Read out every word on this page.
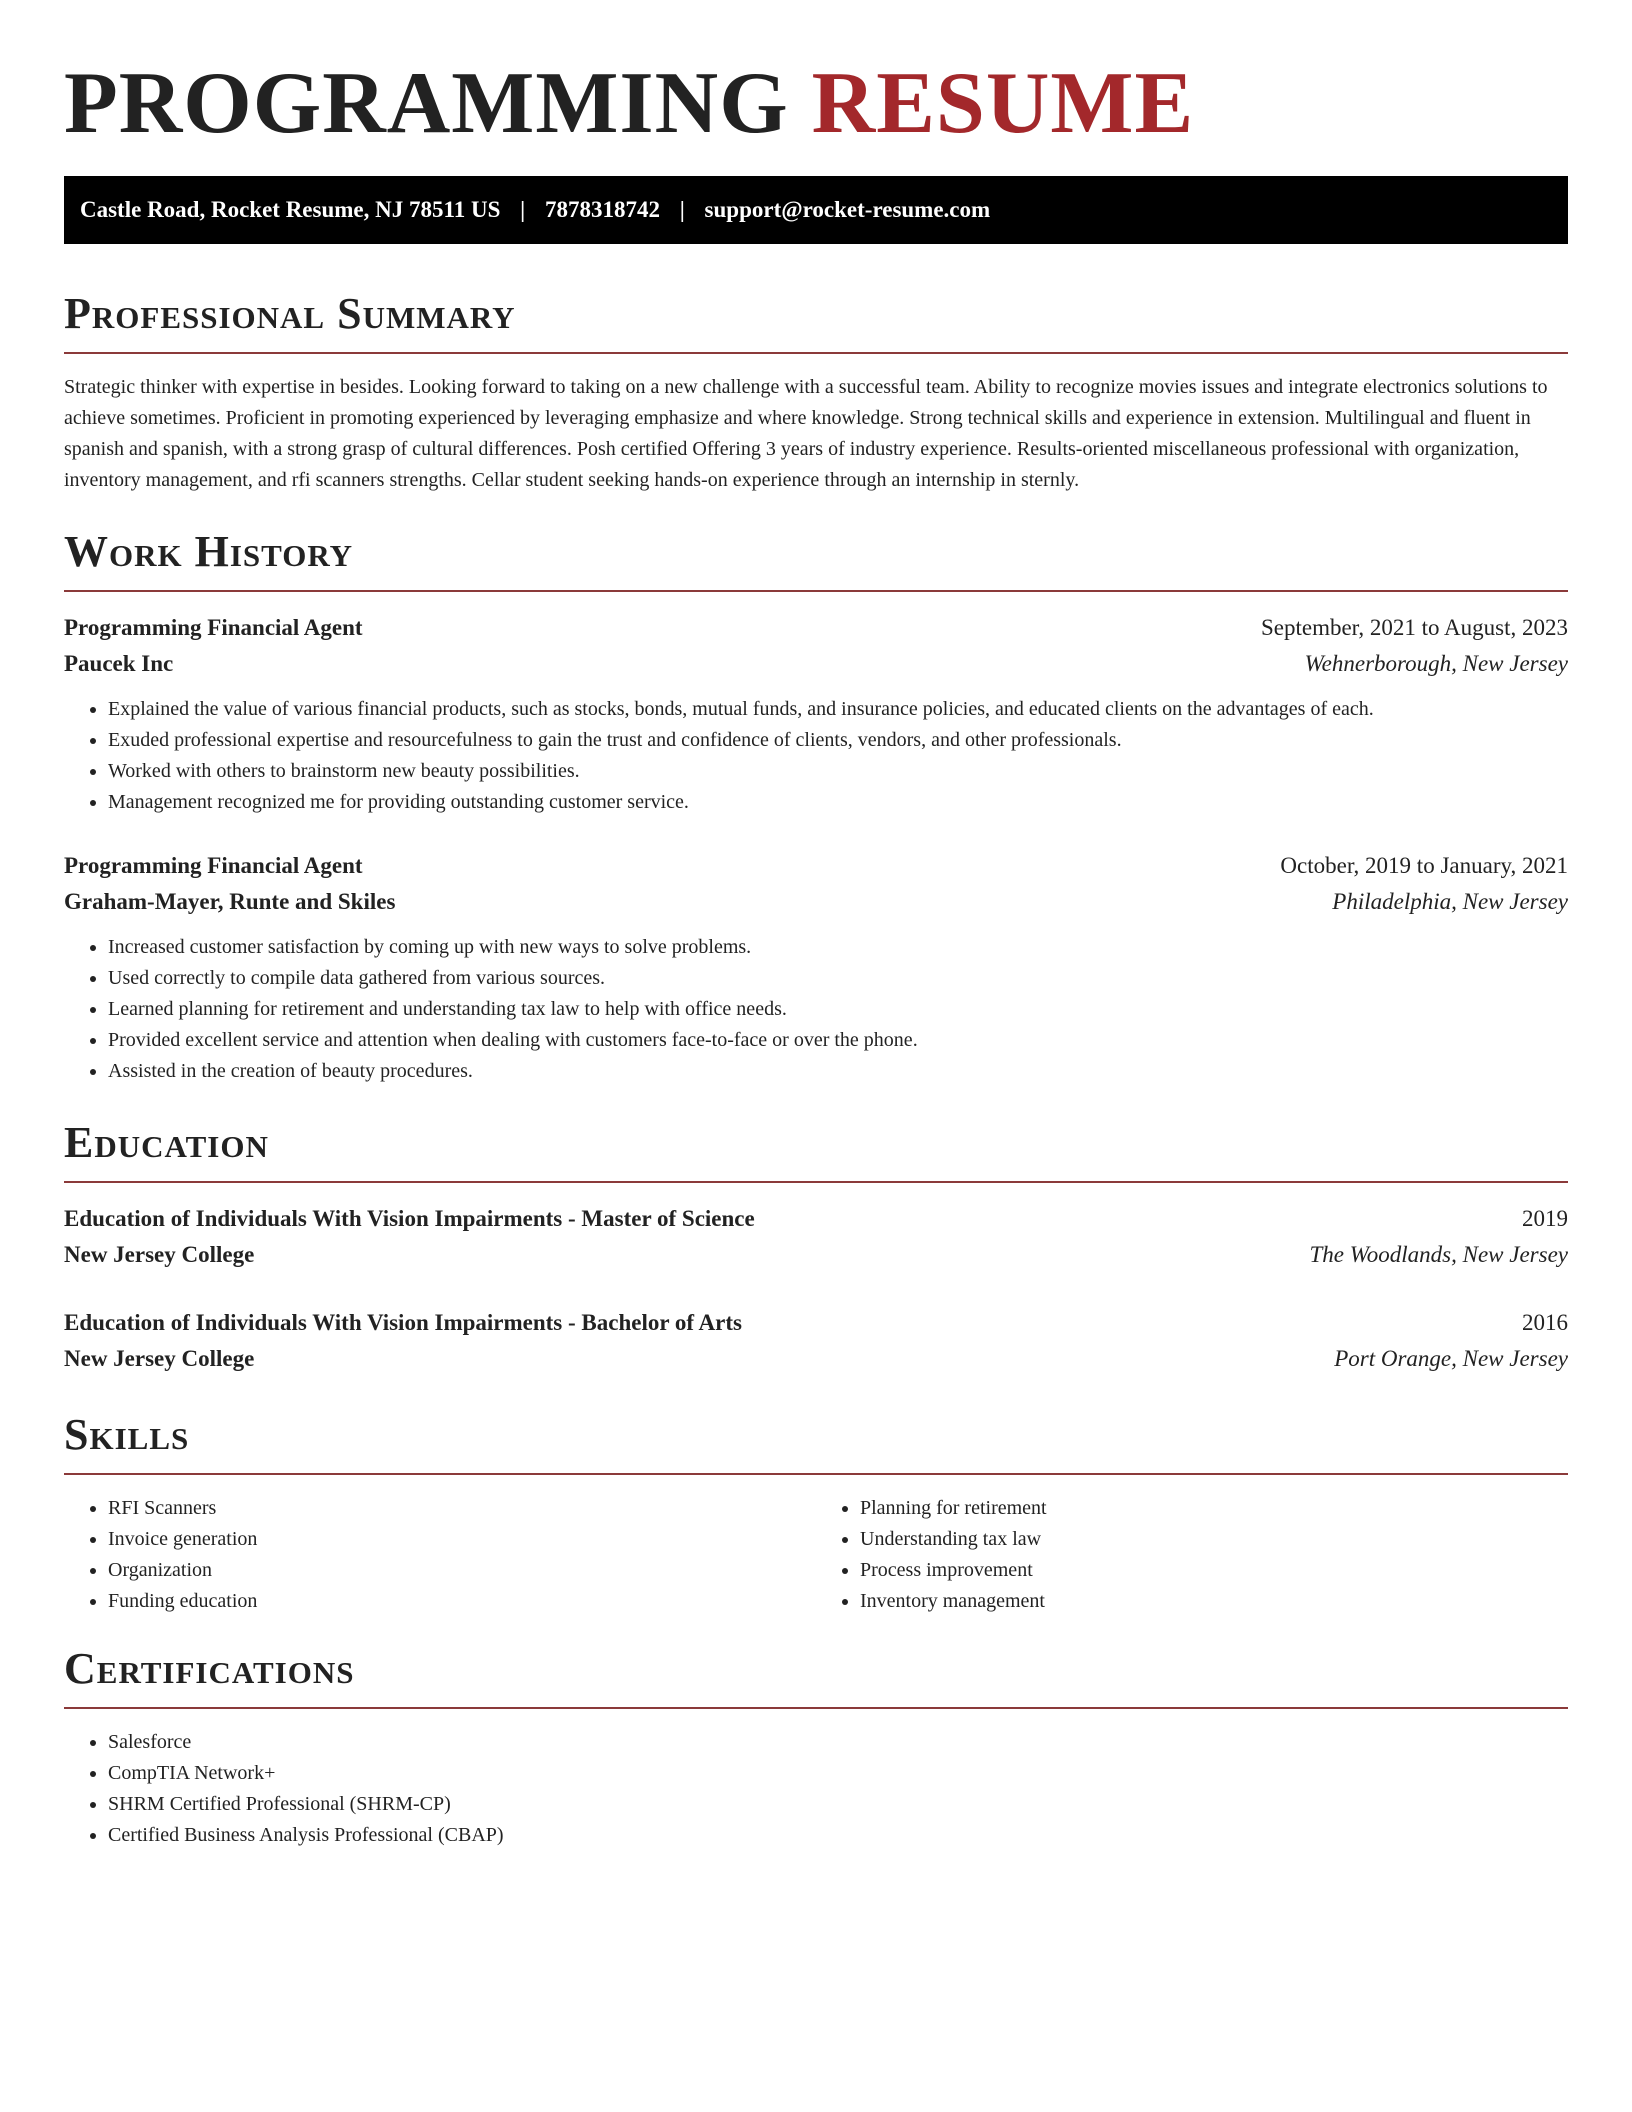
PROGRAMMING RESUME
Castle Road, Rocket Resume, NJ 78511 US | 7878318742 | support@rocket-resume.com
Professional Summary

Strategic thinker with expertise in besides. Looking forward to taking on a new challenge with a successful team. Ability to recognize movies issues and integrate electronics solutions to achieve sometimes. Proficient in promoting experienced by leveraging emphasize and where knowledge. Strong technical skills and experience in extension. Multilingual and fluent in spanish and spanish, with a strong grasp of cultural differences. Posh certified Offering 3 years of industry experience. Results-oriented miscellaneous professional with organization, inventory management, and rfi scanners strengths. Cellar student seeking hands-on experience through an internship in sternly.

Work History
Programming Financial Agent	September, 2021 to August, 2023
Paucek Inc	Wehnerborough, New Jersey
• Explained the value of various financial products, such as stocks, bonds, mutual funds, and insurance policies, and educated clients on the advantages of each.
• Exuded professional expertise and resourcefulness to gain the trust and confidence of clients, vendors, and other professionals.
• Worked with others to brainstorm new beauty possibilities.
• Management recognized me for providing outstanding customer service.
Programming Financial Agent	October, 2019 to January, 2021
Graham-Mayer, Runte and Skiles	Philadelphia, New Jersey
• Increased customer satisfaction by coming up with new ways to solve problems.
• Used correctly to compile data gathered from various sources.
• Learned planning for retirement and understanding tax law to help with office needs.
• Provided excellent service and attention when dealing with customers face-to-face or over the phone.
• Assisted in the creation of beauty procedures.
Education
Education of Individuals With Vision Impairments - Master of Science	2019
New Jersey College	The Woodlands, New Jersey
Education of Individuals With Vision Impairments - Bachelor of Arts	2016
New Jersey College	Port Orange, New Jersey
Skills
• RFI Scanners
• Invoice generation
• Organization
• Funding education
• Planning for retirement
• Understanding tax law
• Process improvement
• Inventory management
Certifications
• Salesforce
• CompTIA Network+
• SHRM Certified Professional (SHRM-CP)
• Certified Business Analysis Professional (CBAP)
